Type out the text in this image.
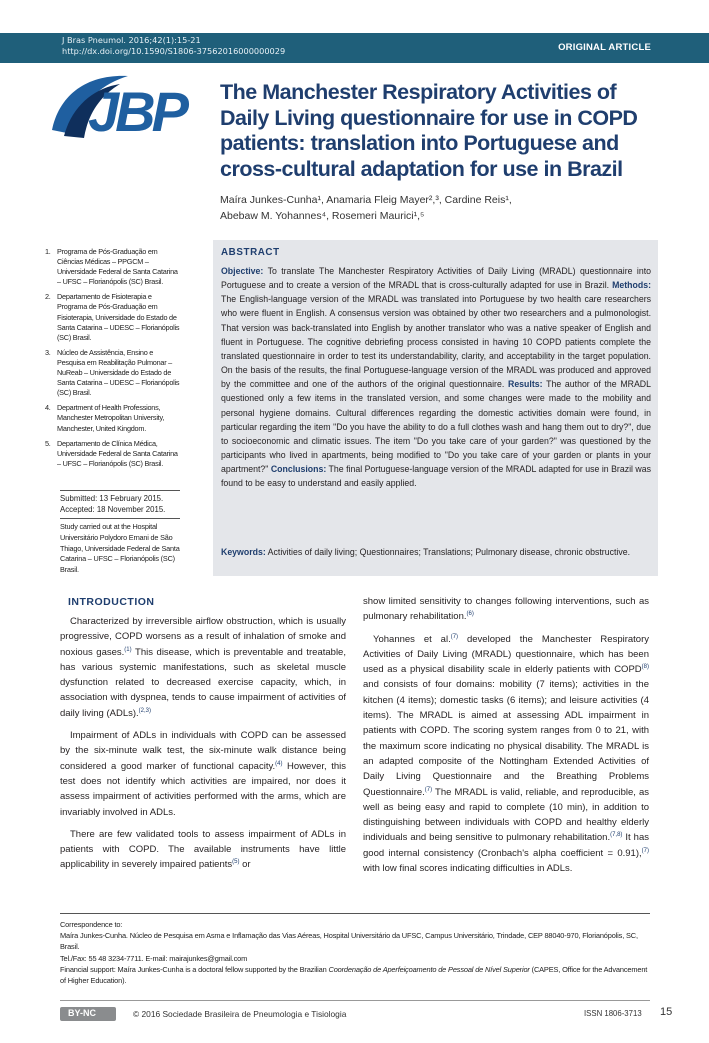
J Bras Pneumol. 2016;42(1):15-21
http://dx.doi.org/10.1590/S1806-37562016000000029	ORIGINAL ARTICLE
JBP The Manchester Respiratory Activities of Daily Living questionnaire for use in COPD patients: translation into Portuguese and cross-cultural adaptation for use in Brazil
Maíra Junkes-Cunha¹, Anamaria Fleig Mayer²,³, Cardine Reis¹,
Abebaw M. Yohannes⁴, Rosemeri Maurici¹,⁵
1. Programa de Pós-Graduação em Ciências Médicas – PPGCM – Universidade Federal de Santa Catarina – UFSC – Florianópolis (SC) Brasil.
2. Departamento de Fisioterapia e Programa de Pós-Graduação em Fisioterapia, Universidade do Estado de Santa Catarina – UDESC – Florianópolis (SC) Brasil.
3. Núcleo de Assistência, Ensino e Pesquisa em Reabilitação Pulmonar – NuReab – Universidade do Estado de Santa Catarina – UDESC – Florianópolis (SC) Brasil.
4. Department of Health Professions, Manchester Metropolitan University, Manchester, United Kingdom.
5. Departamento de Clínica Médica, Universidade Federal de Santa Catarina – UFSC – Florianópolis (SC) Brasil.
Submitted: 13 February 2015.
Accepted: 18 November 2015.
Study carried out at the Hospital Universitário Polydoro Ernani de São Thiago, Universidade Federal de Santa Catarina – UFSC – Florianópolis (SC) Brasil.
ABSTRACT
Objective: To translate The Manchester Respiratory Activities of Daily Living (MRADL) questionnaire into Portuguese and to create a version of the MRADL that is cross-culturally adapted for use in Brazil. Methods: The English-language version of the MRADL was translated into Portuguese by two health care researchers who were fluent in English. A consensus version was obtained by other two researchers and a pulmonologist. That version was back-translated into English by another translator who was a native speaker of English and fluent in Portuguese. The cognitive debriefing process consisted in having 10 COPD patients complete the translated questionnaire in order to test its understandability, clarity, and acceptability in the target population. On the basis of the results, the final Portuguese-language version of the MRADL was produced and approved by the committee and one of the authors of the original questionnaire. Results: The author of the MRADL questioned only a few items in the translated version, and some changes were made to the mobility and personal hygiene domains. Cultural differences regarding the domestic activities domain were found, in particular regarding the item "Do you have the ability to do a full clothes wash and hang them out to dry?", due to socioeconomic and climatic issues. The item "Do you take care of your garden?" was questioned by the participants who lived in apartments, being modified to "Do you take care of your garden or plants in your apartment?" Conclusions: The final Portuguese-language version of the MRADL adapted for use in Brazil was found to be easy to understand and easily applied.
Keywords: Activities of daily living; Questionnaires; Translations; Pulmonary disease, chronic obstructive.
INTRODUCTION

Characterized by irreversible airflow obstruction, which is usually progressive, COPD worsens as a result of inhalation of smoke and noxious gases.$^{(1)}$ This disease, which is preventable and treatable, has various systemic manifestations, such as skeletal muscle dysfunction related to decreased exercise capacity, which, in association with dyspnea, tends to cause impairment of activities of daily living (ADLs).$^{(2,3)}$

Impairment of ADLs in individuals with COPD can be assessed by the six-minute walk test, the six-minute walk distance being considered a good marker of functional capacity.$^{(4)}$ However, this test does not identify which activities are impaired, nor does it assess impairment of activities performed with the arms, which are invariably involved in ADLs.

There are few validated tools to assess impairment of ADLs in patients with COPD. The available instruments have little applicability in severely impaired patients$^{(5)}$ or

show limited sensitivity to changes following interventions, such as pulmonary rehabilitation.$^{(6)}$

Yohannes et al.$^{(7)}$ developed the Manchester Respiratory Activities of Daily Living (MRADL) questionnaire, which has been used as a physical disability scale in elderly patients with COPD$^{(8)}$ and consists of four domains: mobility (7 items); activities in the kitchen (4 items); domestic tasks (6 items); and leisure activities (4 items). The MRADL is aimed at assessing ADL impairment in patients with COPD. The scoring system ranges from 0 to 21, with the maximum score indicating no physical disability. The MRADL is an adapted composite of the Nottingham Extended Activities of Daily Living Questionnaire and the Breathing Problems Questionnaire.$^{(7)}$ The MRADL is valid, reliable, and reproducible, as well as being easy and rapid to complete (10 min), in addition to distinguishing between individuals with COPD and healthy elderly individuals and being sensitive to pulmonary rehabilitation.$^{(7,8)}$ It has good internal consistency (Cronbach's alpha coefficient = 0.91),$^{(7)}$ with low final scores indicating difficulties in ADLs.

Correspondence to:
Maíra Junkes-Cunha. Núcleo de Pesquisa em Asma e Inflamação das Vias Aéreas, Hospital Universitário da UFSC, Campus Universitário, Trindade, CEP 88040-970, Florianópolis, SC, Brasil.
Tel./Fax: 55 48 3234-7711. E-mail: mairajunkes@gmail.com
Financial support: Maíra Junkes-Cunha is a doctoral fellow supported by the Brazilian Coordenação de Aperfeiçoamento de Pessoal de Nível Superior (CAPES, Office for the Advancement of Higher Education).
BY-NC	© 2016 Sociedade Brasileira de Pneumologia e Tisiologia	ISSN 1806-3713 15
